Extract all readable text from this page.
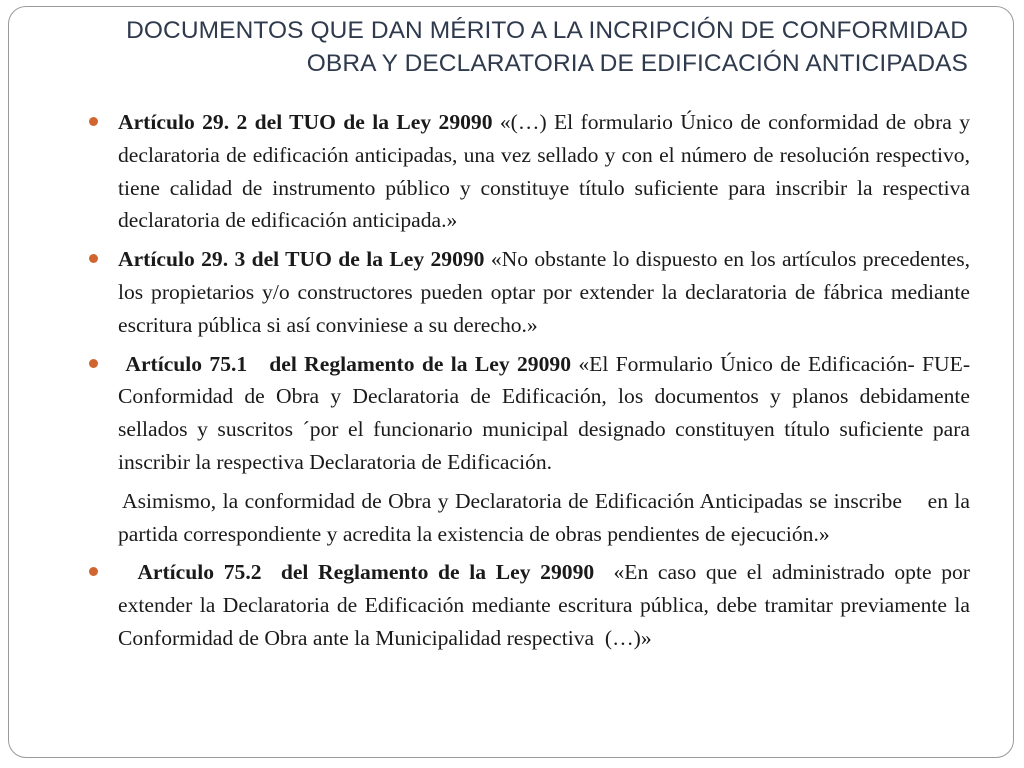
DOCUMENTOS QUE DAN MÉRITO A LA INCRIPCIÓN DE CONFORMIDAD
OBRA Y DECLARATORIA DE EDIFICACIÓN ANTICIPADAS

Artículo 29. 2 del TUO de la Ley 29090 «(…) El formulario Único de conformidad de obra y declaratoria de edificación anticipadas, una vez sellado y con el número de resolución respectivo, tiene calidad de instrumento público y constituye título suficiente para inscribir la respectiva declaratoria de edificación anticipada.»

Artículo 29. 3 del TUO de la Ley 29090 «No obstante lo dispuesto en los artículos precedentes, los propietarios y/o constructores pueden optar por extender la declaratoria de fábrica mediante escritura pública si así conviniese a su derecho.»

Artículo 75.1   del Reglamento de la Ley 29090 «El Formulario Único de Edificación- FUE- Conformidad de Obra y Declaratoria de Edificación, los documentos y planos debidamente sellados y suscritos ´por el funcionario municipal designado constituyen título suficiente para inscribir la respectiva Declaratoria de Edificación.

Asimismo, la conformidad de Obra y Declaratoria de Edificación Anticipadas se inscribe    en la partida correspondiente y acredita la existencia de obras pendientes de ejecución.»

Artículo 75.2  del Reglamento de la Ley 29090  «En caso que el administrado opte por extender la Declaratoria de Edificación mediante escritura pública, debe tramitar previamente la Conformidad de Obra ante la Municipalidad respectiva  (…)»
